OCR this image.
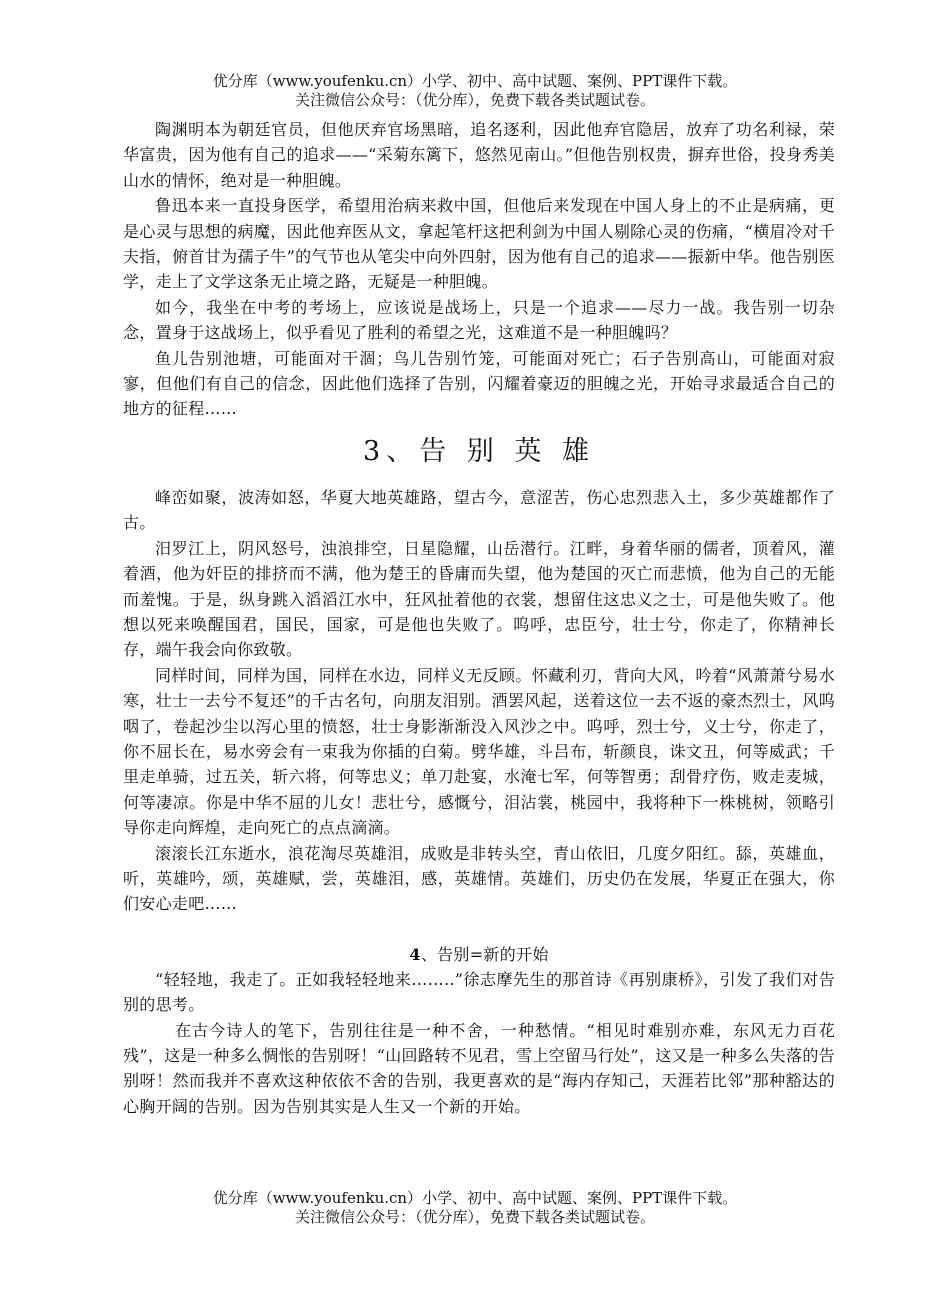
优分库（www.youfenku.cn）小学、初中、高中试题、案例、PPT课件下载。
关注微信公众号：（优分库），免费下载各类试题试卷。

陶渊明本为朝廷官员，但他厌弃官场黑暗，追名逐利，因此他弃官隐居，放弃了功名利禄，荣华富贵，因为他有自己的追求——“采菊东篱下，悠然见南山。”但他告别权贵，摒弃世俗，投身秀美山水的情怀，绝对是一种胆魄。

鲁迅本来一直投身医学，希望用治病来救中国，但他后来发现在中国人身上的不止是病痛，更是心灵与思想的病魔，因此他弃医从文，拿起笔杆这把利剑为中国人剔除心灵的伤痛，“横眉冷对千夫指，俯首甘为孺子牛”的气节也从笔尖中向外四射，因为他有自己的追求——振新中华。他告别医学，走上了文学这条无止境之路，无疑是一种胆魄。

如今，我坐在中考的考场上，应该说是战场上，只是一个追求——尽力一战。我告别一切杂念，置身于这战场上，似乎看见了胜利的希望之光，这难道不是一种胆魄吗？

鱼儿告别池塘，可能面对干涸；鸟儿告别竹笼，可能面对死亡；石子告别高山，可能面对寂寥，但他们有自己的信念，因此他们选择了告别，闪耀着豪迈的胆魄之光，开始寻求最适合自己的地方的征程……

3、告 别 英 雄

峰峦如聚，波涛如怒，华夏大地英雄路，望古今，意涩苦，伤心忠烈悲入土，多少英雄都作了古。

汨罗江上，阴风怒号，浊浪排空，日星隐耀，山岳潜行。江畔，身着华丽的儒者，顶着风，灌着酒，他为奸臣的排挤而不满，他为楚王的昏庸而失望，他为楚国的灭亡而悲愤，他为自己的无能而羞愧。于是，纵身跳入滔滔江水中，狂风扯着他的衣裳，想留住这忠义之士，可是他失败了。他想以死来唤醒国君，国民，国家，可是他也失败了。呜呼，忠臣兮，壮士兮，你走了，你精神长存，端午我会向你致敬。

同样时间，同样为国，同样在水边，同样义无反顾。怀藏利刃，背向大风，吟着“风萧萧兮易水寒，壮士一去兮不复还”的千古名句，向朋友泪别。酒罢风起，送着这位一去不返的豪杰烈士，风呜咽了，卷起沙尘以泻心里的愤怒，壮士身影渐渐没入风沙之中。呜呼，烈士兮，义士兮，你走了，你不屈长在，易水旁会有一束我为你插的白菊。劈华雄，斗吕布，斩颜良，诛文丑，何等威武；千里走单骑，过五关，斩六将，何等忠义；单刀赴宴，水淹七军，何等智勇；刮骨疗伤，败走麦城，何等凄凉。你是中华不屈的儿女！悲壮兮，感慨兮，泪沾裳，桃园中，我将种下一株桃树，领略引导你走向辉煌，走向死亡的点点滴滴。

滚滚长江东逝水，浪花淘尽英雄泪，成败是非转头空，青山依旧，几度夕阳红。舔，英雄血，听，英雄吟，颂，英雄赋，尝，英雄泪，感，英雄情。英雄们，历史仍在发展，华夏正在强大，你们安心走吧……

4、告别=新的开始

“轻轻地，我走了。正如我轻轻地来……..”徐志摩先生的那首诗《再别康桥》，引发了我们对告别的思考。

在古今诗人的笔下，告别往往是一种不舍，一种愁情。“相见时难别亦难，东风无力百花残”，这是一种多么惆怅的告别呀！“山回路转不见君，雪上空留马行处”，这又是一种多么失落的告别呀！然而我并不喜欢这种依依不舍的告别，我更喜欢的是“海内存知己，天涯若比邻”那种豁达的心胸开阔的告别。因为告别其实是人生又一个新的开始。

优分库（www.youfenku.cn）小学、初中、高中试题、案例、PPT课件下载。
关注微信公众号：（优分库），免费下载各类试题试卷。
